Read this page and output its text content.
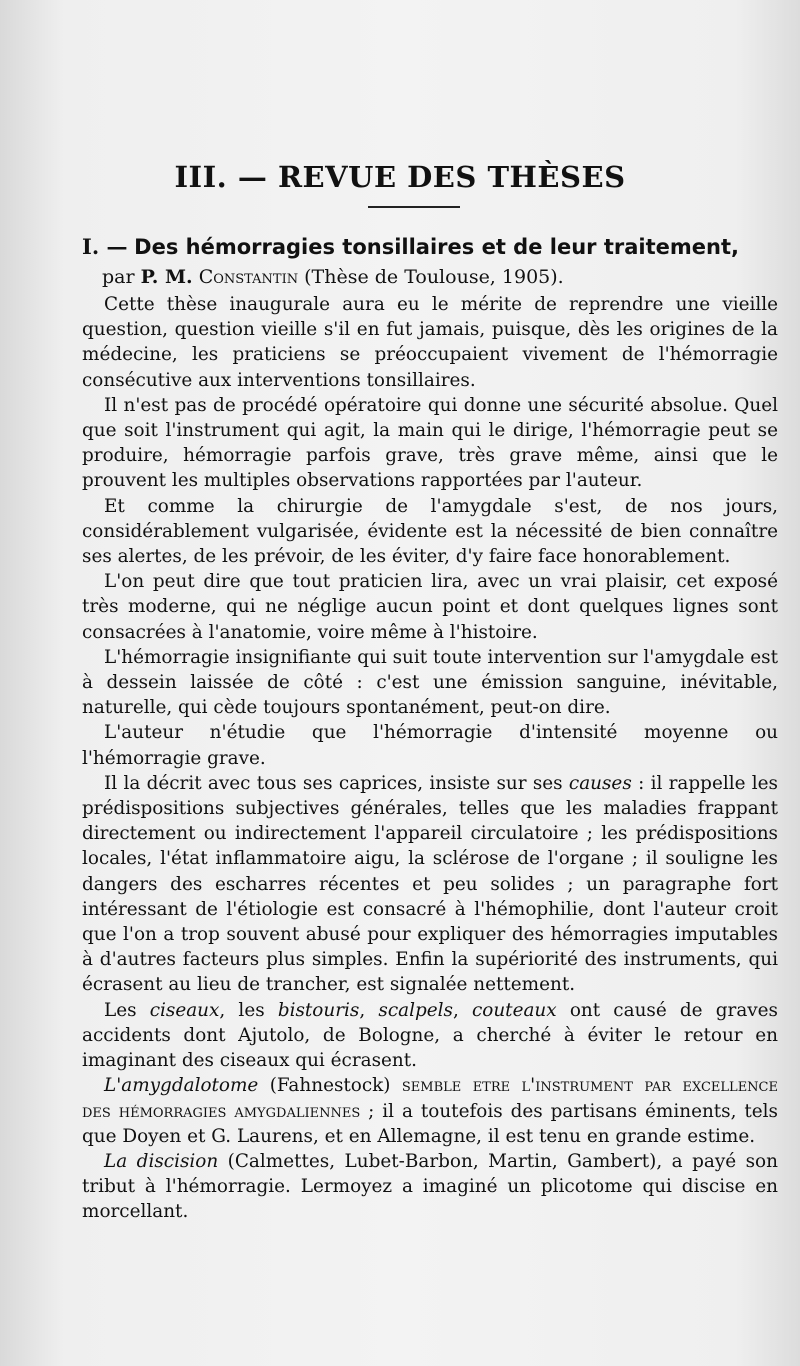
III. — REVUE DES THÈSES
I. — Des hémorragies tonsillaires et de leur traitement,
par P. M. Constantin (Thèse de Toulouse, 1905).

Cette thèse inaugurale aura eu le mérite de reprendre une vieille question, question vieille s'il en fut jamais, puisque, dès les origines de la médecine, les praticiens se préoccupaient vivement de l'hémorragie consécutive aux interventions tonsillaires.

Il n'est pas de procédé opératoire qui donne une sécurité absolue. Quel que soit l'instrument qui agit, la main qui le dirige, l'hémorragie peut se produire, hémorragie parfois grave, très grave même, ainsi que le prouvent les multiples observations rapportées par l'auteur.

Et comme la chirurgie de l'amygdale s'est, de nos jours, considérablement vulgarisée, évidente est la nécessité de bien connaître ses alertes, de les prévoir, de les éviter, d'y faire face honorablement.

L'on peut dire que tout praticien lira, avec un vrai plaisir, cet exposé très moderne, qui ne néglige aucun point et dont quelques lignes sont consacrées à l'anatomie, voire même à l'histoire.

L'hémorragie insignifiante qui suit toute intervention sur l'amygdale est à dessein laissée de côté : c'est une émission sanguine, inévitable, naturelle, qui cède toujours spontanément, peut-on dire.

L'auteur n'étudie que l'hémorragie d'intensité moyenne ou l'hémorragie grave.

Il la décrit avec tous ses caprices, insiste sur ses causes : il rappelle les prédispositions subjectives générales, telles que les maladies frappant directement ou indirectement l'appareil circulatoire ; les prédispositions locales, l'état inflammatoire aigu, la sclérose de l'organe ; il souligne les dangers des escharres récentes et peu solides ; un paragraphe fort intéressant de l'étiologie est consacré à l'hémophilie, dont l'auteur croit que l'on a trop souvent abusé pour expliquer des hémorragies imputables à d'autres facteurs plus simples. Enfin la supériorité des instruments, qui écrasent au lieu de trancher, est signalée nettement.

Les ciseaux, les bistouris, scalpels, couteaux ont causé de graves accidents dont Ajutolo, de Bologne, a cherché à éviter le retour en imaginant des ciseaux qui écrasent.

L'amygdalotome (Fahnestock) semble etre l'instrument par excellence des hémorragies amygdaliennes ; il a toutefois des partisans éminents, tels que Doyen et G. Laurens, et en Allemagne, il est tenu en grande estime.

La discision (Calmettes, Lubet-Barbon, Martin, Gambert), a payé son tribut à l'hémorragie. Lermoyez a imaginé un plicotome qui discise en morcellant.
